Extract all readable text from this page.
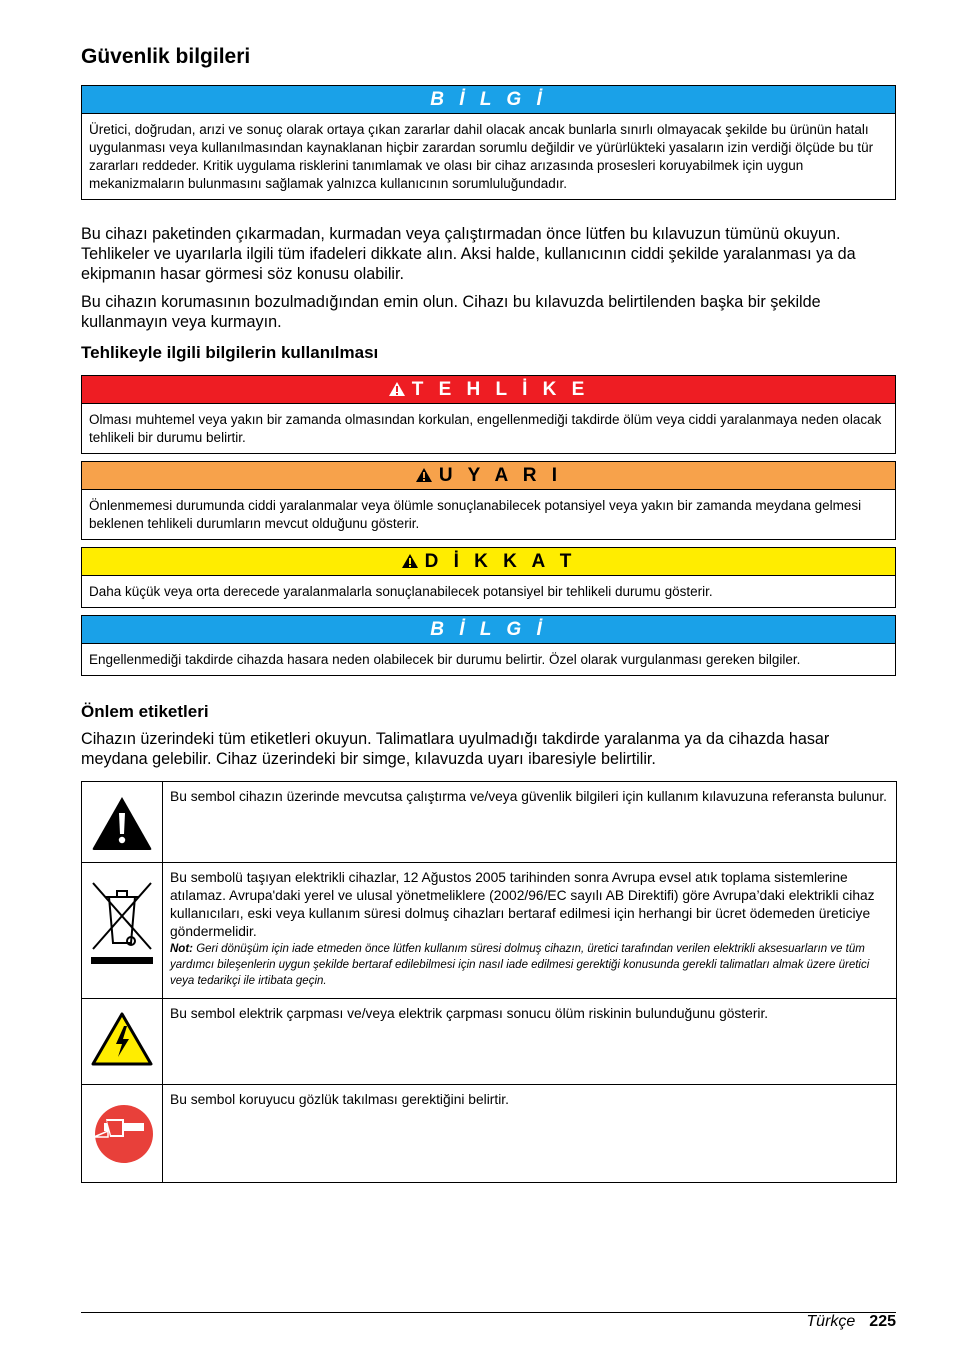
Güvenlik bilgileri
B İ L G İ
Üretici, doğrudan, arızi ve sonuç olarak ortaya çıkan zararlar dahil olacak ancak bunlarla sınırlı olmayacak şekilde bu ürünün hatalı uygulanması veya kullanılmasından kaynaklanan hiçbir zarardan sorumlu değildir ve yürürlükteki yasaların izin verdiği ölçüde bu tür zararları reddeder. Kritik uygulama risklerini tanımlamak ve olası bir cihaz arızasında prosesleri koruyabilmek için uygun mekanizmaların bulunmasını sağlamak yalnızca kullanıcının sorumluluğundadır.
Bu cihazı paketinden çıkarmadan, kurmadan veya çalıştırmadan önce lütfen bu kılavuzun tümünü okuyun. Tehlikeler ve uyarılarla ilgili tüm ifadeleri dikkate alın. Aksi halde, kullanıcının ciddi şekilde yaralanması ya da ekipmanın hasar görmesi söz konusu olabilir.
Bu cihazın korumasının bozulmadığından emin olun. Cihazı bu kılavuzda belirtilenden başka bir şekilde kullanmayın veya kurmayın.
Tehlikeyle ilgili bilgilerin kullanılması
T E H L İ K E
Olması muhtemel veya yakın bir zamanda olmasından korkulan, engellenmediği takdirde ölüm veya ciddi yaralanmaya neden olacak tehlikeli bir durumu belirtir.
U Y A R I
Önlenmemesi durumunda ciddi yaralanmalar veya ölümle sonuçlanabilecek potansiyel veya yakın bir zamanda meydana gelmesi beklenen tehlikeli durumların mevcut olduğunu gösterir.
D İ K K A T
Daha küçük veya orta derecede yaralanmalarla sonuçlanabilecek potansiyel bir tehlikeli durumu gösterir.
B İ L G İ
Engellenmediği takdirde cihazda hasara neden olabilecek bir durumu belirtir. Özel olarak vurgulanması gereken bilgiler.
Önlem etiketleri
Cihazın üzerindeki tüm etiketleri okuyun. Talimatlara uyulmadığı takdirde yaralanma ya da cihazda hasar meydana gelebilir. Cihaz üzerindeki bir simge, kılavuzda uyarı ibaresiyle belirtilir.
	Bu sembol cihazın üzerinde mevcutsa çalıştırma ve/veya güvenlik bilgileri için kullanım kılavuzuna referansta bulunur.

Bu sembolü taşıyan elektrikli cihazlar, 12 Ağustos 2005 tarihinden sonra Avrupa evsel atık toplama sistemlerine atılamaz. Avrupa'daki yerel ve ulusal yönetmeliklere (2002/96/EC sayılı AB Direktifi) göre Avrupa’daki elektrikli cihaz kullanıcıları, eski veya kullanım süresi dolmuş cihazları bertaraf edilmesi için herhangi bir ücret ödemeden üreticiye göndermelidir.
Not: Geri dönüşüm için iade etmeden önce lütfen kullanım süresi dolmuş cihazın, üretici tarafından verilen elektrikli aksesuarların ve tüm yardımcı bileşenlerin uygun şekilde bertaraf edilebilmesi için nasıl iade edilmesi gerektiği konusunda gerekli talimatları almak üzere üretici veya tedarikçi ile irtibata geçin.

	Bu sembol elektrik çarpması ve/veya elektrik çarpması sonucu ölüm riskinin bulunduğunu gösterir.
	Bu sembol koruyucu gözlük takılması gerektiğini belirtir.
Türkçe 225
